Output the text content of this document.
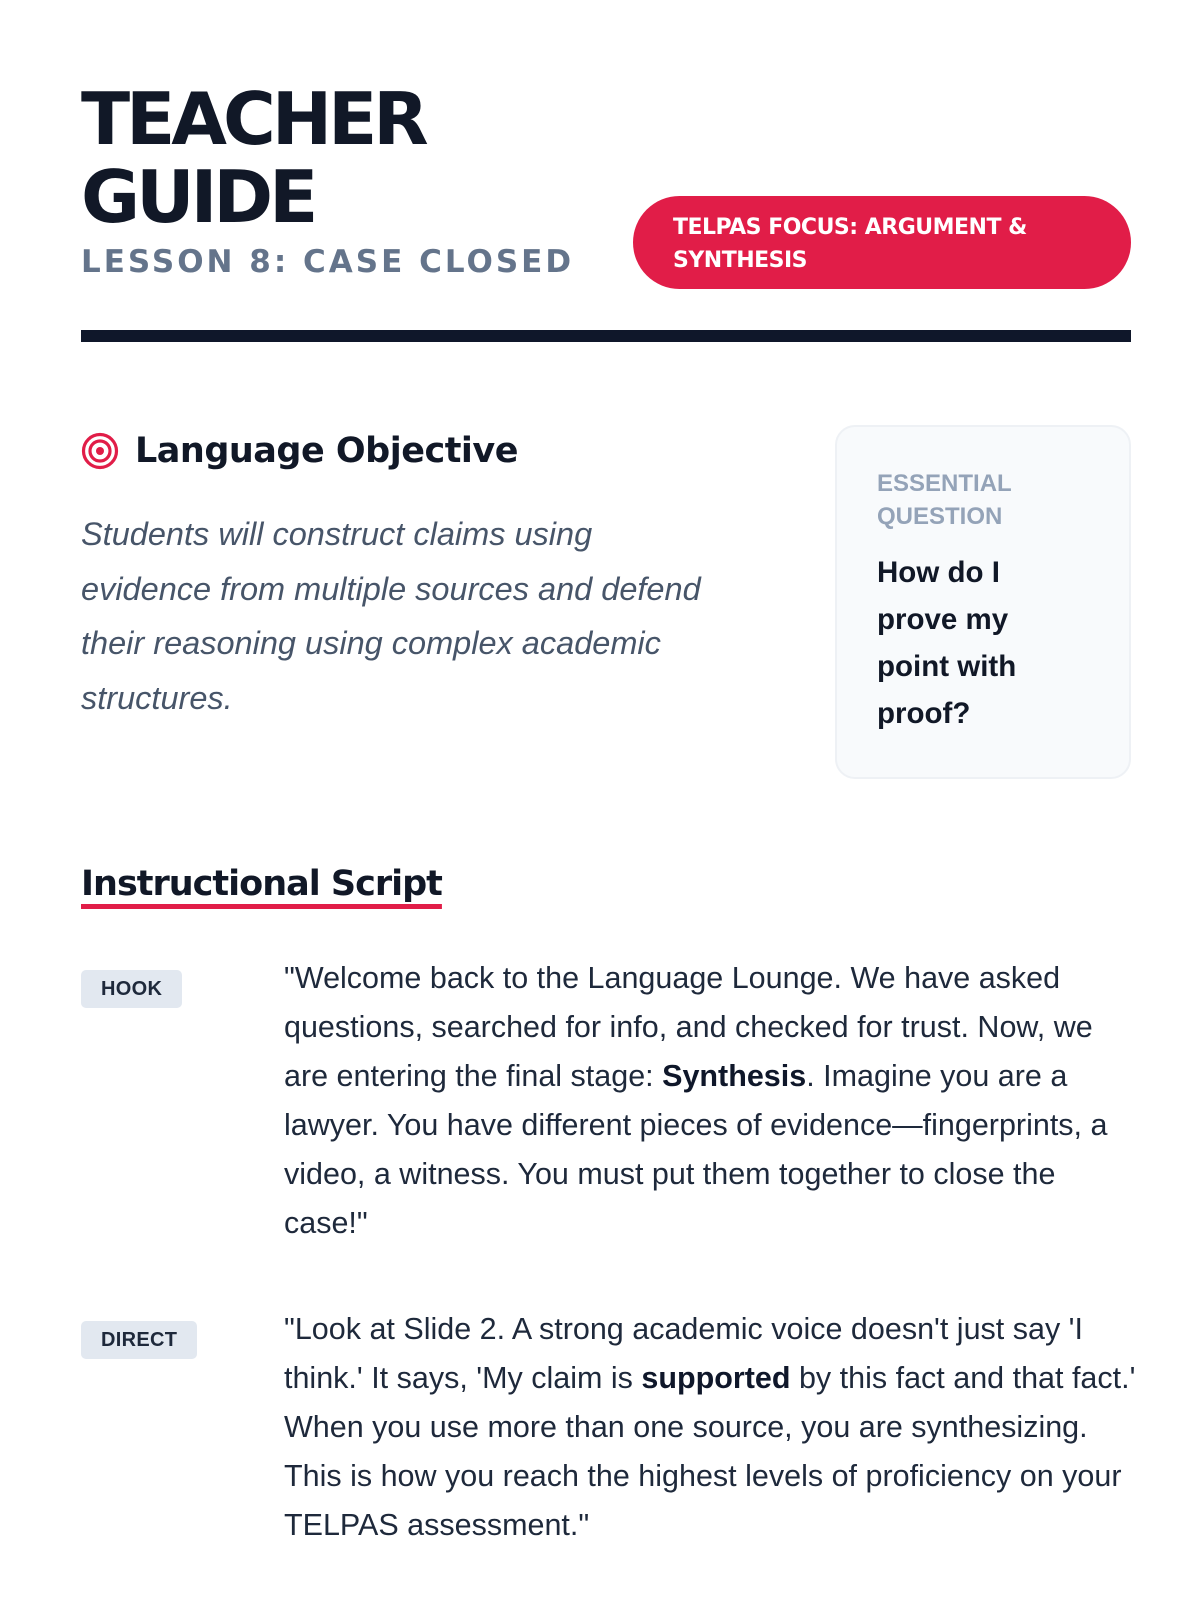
TEACHER
GUIDE
LESSON 8: CASE CLOSED
TELPAS FOCUS: ARGUMENT & SYNTHESIS
Language Objective

Students will construct claims using evidence from multiple sources and defend their reasoning using complex academic structures.

ESSENTIAL QUESTION
How do I prove my point with proof?
Instructional Script
HOOK	"Welcome back to the Language Lounge. We have asked questions, searched for info, and checked for trust. Now, we are entering the final stage: Synthesis. Imagine you are a lawyer. You have different pieces of evidence—fingerprints, a video, a witness. You must put them together to close the case!"

DIRECT	"Look at Slide 2. A strong academic voice doesn't just say 'I think.' It says, 'My claim is supported by this fact and that fact.' When you use more than one source, you are synthesizing. This is how you reach the highest levels of proficiency on your TELPAS assessment."
